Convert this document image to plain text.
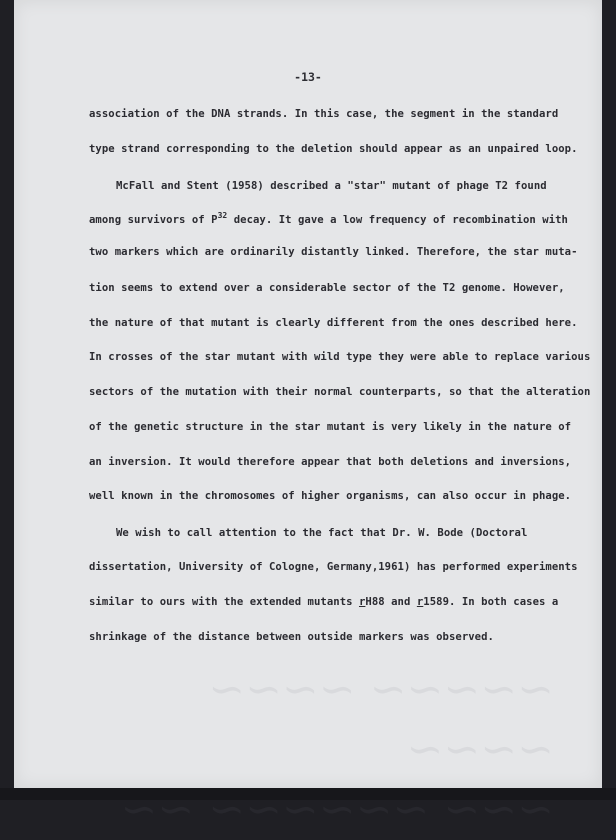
-13-
association of the DNA strands. In this case, the segment in the standard
type strand corresponding to the deletion should appear as an unpaired loop.
McFall and Stent (1958) described a "star" mutant of phage T2 found
among survivors of $P^{32}$ decay. It gave a low frequency of recombination with
two markers which are ordinarily distantly linked. Therefore, the star muta-
tion seems to extend over a considerable sector of the T2 genome. However,
the nature of that mutant is clearly different from the ones described here.
In crosses of the star mutant with wild type they were able to replace various
sectors of the mutation with their normal counterparts, so that the alteration
of the genetic structure in the star mutant is very likely in the nature of
an inversion. It would therefore appear that both deletions and inversions,
well known in the chromosomes of higher organisms, can also occur in phage.
We wish to call attention to the fact that Dr. W. Bode (Doctoral
dissertation, University of Cologne, Germany,1961) has performed experiments
similar to ours with the extended mutants rH88 and r1589. In both cases a
shrinkage of the distance between outside markers was observed.
~~~~~ ~~~~ ~~~~
~~~ ~~~~~~ ~~
